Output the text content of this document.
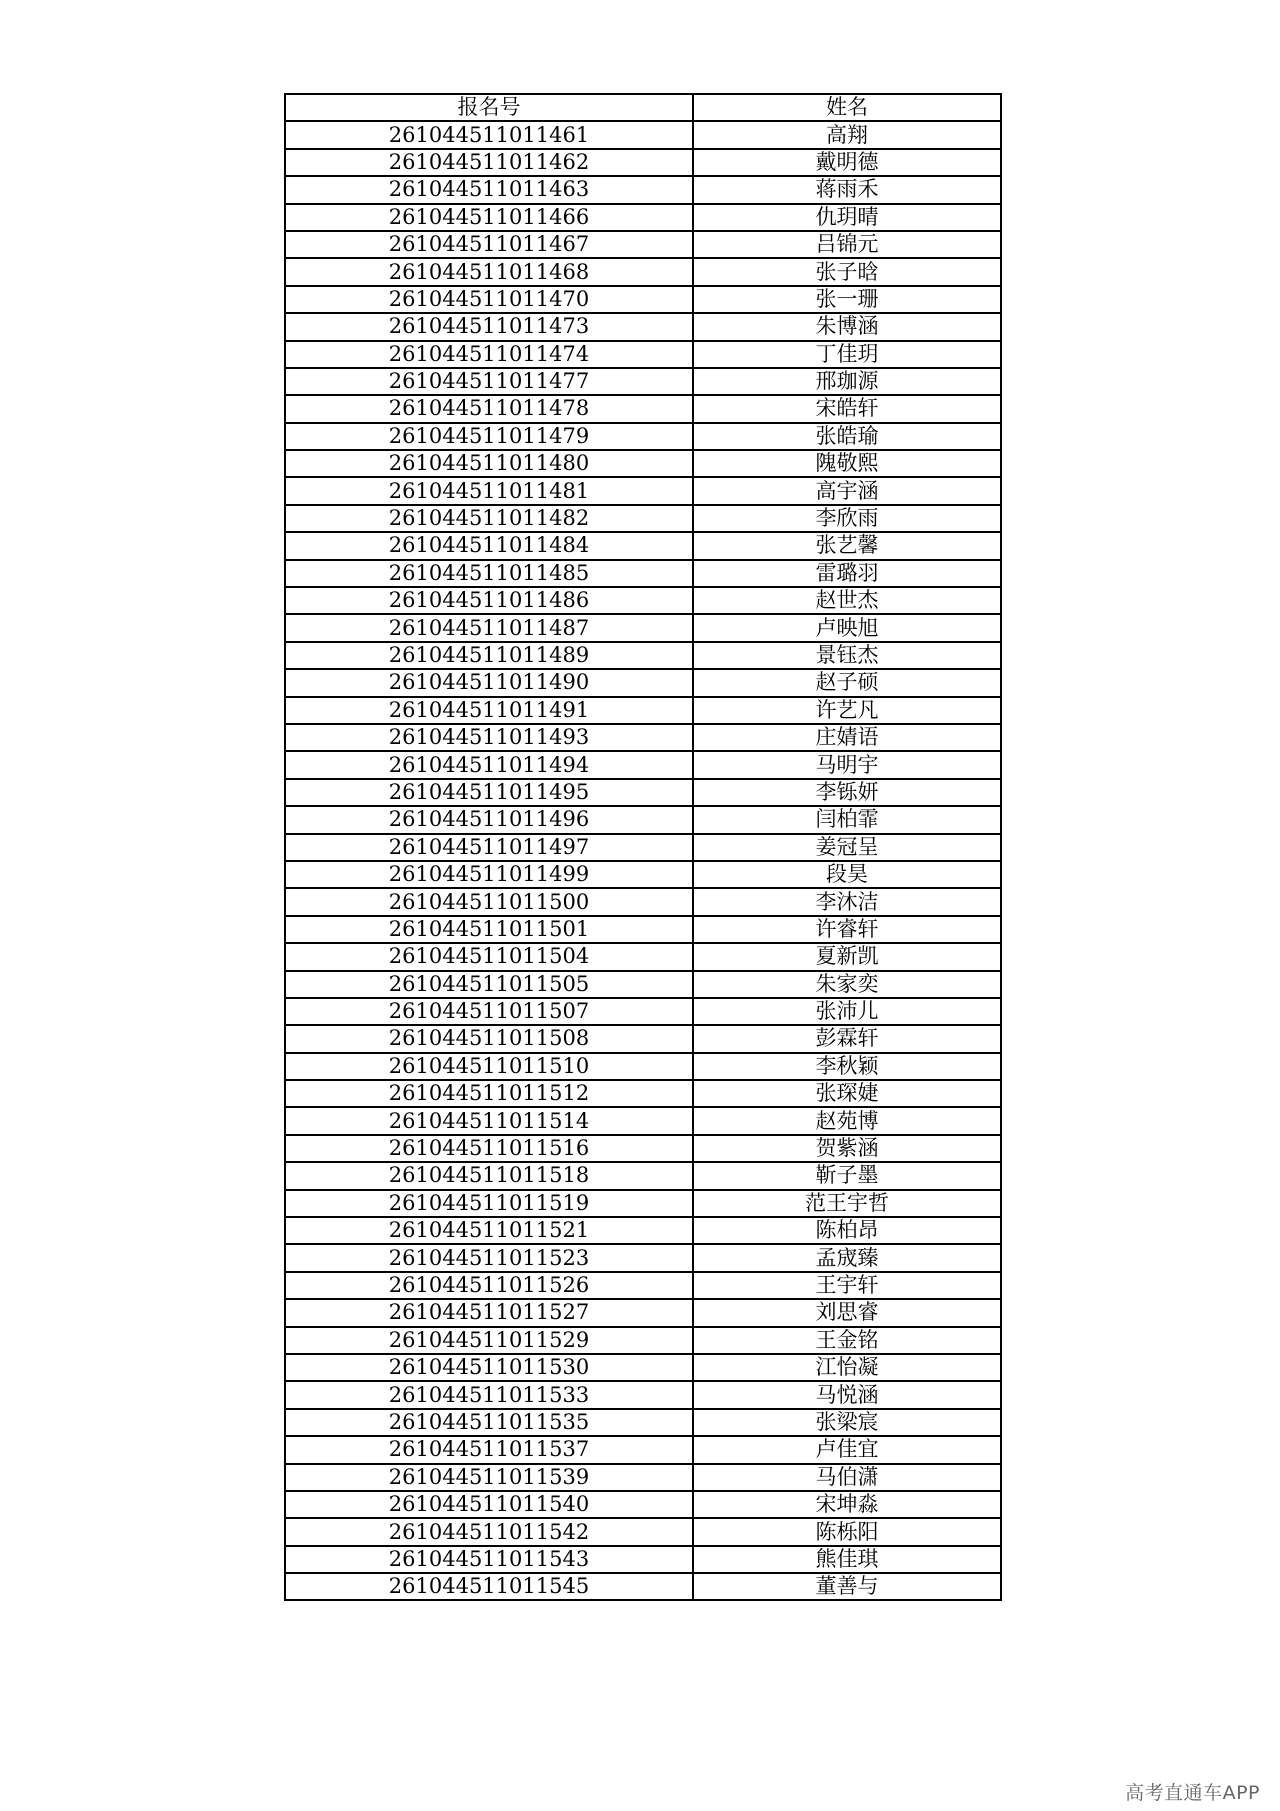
报名号	姓名
261044511011461	高翔
261044511011462	戴明德
261044511011463	蒋雨禾
261044511011466	仇玥晴
261044511011467	吕锦元
261044511011468	张子晗
261044511011470	张一珊
261044511011473	朱博涵
261044511011474	丁佳玥
261044511011477	邢珈源
261044511011478	宋皓轩
261044511011479	张皓瑜
261044511011480	隗敬熙
261044511011481	高宇涵
261044511011482	李欣雨
261044511011484	张艺馨
261044511011485	雷璐羽
261044511011486	赵世杰
261044511011487	卢映旭
261044511011489	景钰杰
261044511011490	赵子硕
261044511011491	许艺凡
261044511011493	庄婧语
261044511011494	马明宇
261044511011495	李铄妍
261044511011496	闫柏霏
261044511011497	姜冠呈
261044511011499	段昊
261044511011500	李沐洁
261044511011501	许睿轩
261044511011504	夏新凯
261044511011505	朱家奕
261044511011507	张沛儿
261044511011508	彭霖轩
261044511011510	李秋颖
261044511011512	张琛婕
261044511011514	赵苑博
261044511011516	贺紫涵
261044511011518	靳子墨
261044511011519	范王宇哲
261044511011521	陈柏昂
261044511011523	孟宬臻
261044511011526	王宇轩
261044511011527	刘思睿
261044511011529	王金铭
261044511011530	江怡凝
261044511011533	马悦涵
261044511011535	张梁宸
261044511011537	卢佳宜
261044511011539	马伯潇
261044511011540	宋坤淼
261044511011542	陈栎阳
261044511011543	熊佳琪
261044511011545	董善与
高考直通车APP
